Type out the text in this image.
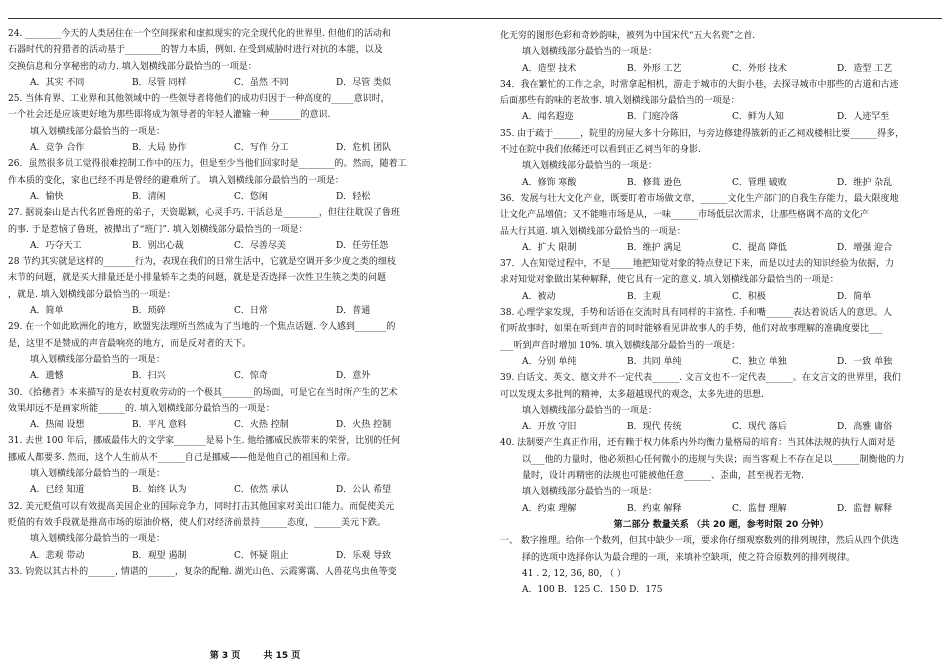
24. ________今天的人类居住在一个空间探索和虚拟现实的完全现代化的世界里. 但他们的活动和
石器时代的狩猎者的活动基于________的智力本质，例如. 在受到威胁时进行对抗的本能，以及
交换信息和分享秘密的动力. 填入划横线部分最恰当的一项是：
A．其实 不同	B．尽管 同样	C．虽然 不同	D．尽管 类似
25. 当体育界、工业界和其他领域中的一些领导者将他们的成功归因于一种高度的_____意识时，
一个社会还是应该更好地为那些即将成为领导者的年轻人灌输一种_______的意识.
填入划横线部分最恰当的一项是：
A．竞争 合作	B．大局 协作	C．写作 分工	D．危机 团队
26．虽然很多员工觉得很难控制工作中的压力，但是至少当他们回家时是________的。然而，随着工
作本质的变化，家也已经不再是曾经的避难所了。 填入划横线部分最恰当的一项是：
A．愉快	B．清闲	C．悠闲	D．轻松
27. 据说泰山是古代名匠鲁班的弟子，天资聪颖，心灵手巧. 干活总是________，但往往耽误了鲁班
的事. 于是惹恼了鲁班，被撵出了“班门”. 填入划横线部分最恰当的一项是：
A．巧夺天工	B．别出心裁	C．尽善尽美	D．任劳任怨
28 节约其实就是这样的_______行为，表现在我们的日常生活中，它就是空调开多少度之类的细枝
末节的问题，就是买大排量还是小排量轿车之类的问题，就是是否选择一次性卫生筷之类的问题
，就是. 填入划横线部分最恰当的一项是：
A．简单	B．琐碎	C．日常	D．普通
29. 在一个如此欧洲化的地方，欧盟宪法理所当然成为了当地的一个焦点话题. 令人感到_______的
是，这里不是赞成的声音最响亮的地方，而是反对者的天下。
填入划横线部分最恰当的一项是：
A．遗憾	B．扫兴	C．惊奇	D．意外
30．《拾穗者》本来描写的是农村夏收劳动的一个极其_______的场面，可是它在当时所产生的艺术
效果却远不是画家所能______的. 填入划横线部分最恰当的一项是：
A．热闹 设想	B．平凡 意料	C．火热 控制	D．火热 控制
31. 去世 100 年后，挪威最伟大的文学家_______是易卜生. 他给挪威民族带来的荣誉，比别的任何
挪威人都要多. 然而，这个人生前从不______自己是挪威——他是他自己的祖国和上帝。
填入划横线部分最恰当的一项是：
A．已经 知道	B．始终 认为	C．依然 承认	D．公认 希望
32. 美元贬值可以有效提高美国企业的国际竞争力，同时打击其他国家对美出口能力。而促使美元
贬值的有效手段就是推高市场的原油价格，使人们对经济前景持______态度，______美元下跌。
填入划横线部分最恰当的一项是：
A．悲观 带动	B．观望 遏制	C．怀疑 阻止	D．乐观 导致
33. 钧瓷以其古朴的______, 情谌的______，复杂的配釉. 湖光山色、云霞雾霭、人兽花鸟虫鱼等变
化无穷的图形色彩和奇妙韵味，被列为中国宋代“五大名瓷”之首.
填入划横线部分最恰当的一项是：
A．造型 技术	B．外形 工艺	C．外形 技术	D．造型 工艺
34．我在繁忙的工作之余，时常拿起相机，游走于城市的大街小巷，去探寻城市中那些的古道和古迹
后面那些有韵味的老故事. 填入划横线部分最恰当的一项是：
A．闻名遐迩	B．门庭冷落	C．鲜为人知	D．人迹罕至
35. 由于疏于______，院里的房屋大多十分陈旧，与旁边修建得簇新的正乙祠戏楼相比要______得多，
不过在院中我们依稀还可以看到正乙祠当年的身影.
填入划横线部分最恰当的一项是：
A．修饰 寒酸	B．修葺 逊色	C．管理 破败	D．维护 杂乱
36．发展与壮大文化产业，既要盯着市场做文章，______文化生产部门的自我生存能力，最大限度地
让文化产品增值；又不能唯市场是从，一味______市场低层次需求，让那些格调不高的文化产
品大行其道. 填入划横线部分最恰当的一项是：
A．扩大 限制	B．维护 满足	C．提高 降低	D．增强 迎合
37．人在知觉过程中，不是_____地把知觉对象的特点登记下来，而是以过去的知识经验为依据，力
求对知觉对象做出某种解释，使它具有一定的意义. 填入划横线部分最恰当的一项是：
A．被动	B．主观	C．积极	D．简单
38. 心理学家发现，手势和话语在交流时具有同样的丰富性. 手和嘴______表达着说话人的意思。人
们听故事时，如果在听到声音的同时能够看见讲故事人的手势，他们对故事理解的准确度要比___
___听到声音时增加 10%. 填入划横线部分最恰当的一项是：
A．分别 单纯	B．共同 单纯	C．独立 单独	D．一致 单独
39. 白话文、英文、德文并不一定代表______. 文言文也不一定代表______。在文言文的世界里，我们
可以发现太多批判的精神，太多超越现代的观念，太多先进的思想.
填入划横线部分最恰当的一项是：
A．开放 守旧	B．现代 传统	C．现代 落后	D．高雅 庸俗
40. 法制要产生真正作用，还有赖于权力体系内外均衡力量格局的培育：当其体法规的执行人面对是
以___他的力量时，他必须担心任何微小的违规与失误；而当客观上不存在足以______制衡他的力
量时，设计再精密的法规也可能被他任意______、歪曲，甚至视若无物.
填入划横线部分最恰当的一项是：
A．约束 理解	B．约束 解释	C．监督 理解	D．监督 解释
第二部分 数量关系 （共 20 题，参考时限 20 分钟）
一、 数字推理。给你一个数列，但其中缺少一项，要求你仔细观察数列的排列规律，然后从四个供选
择的选项中选择你认为最合理的一项，来填补空缺项，使之符合原数列的排列规律。
41 . 2, 12, 36, 80, （ ）
A．100 B．125 C．150 D．175
第 3 页	共 15 页
